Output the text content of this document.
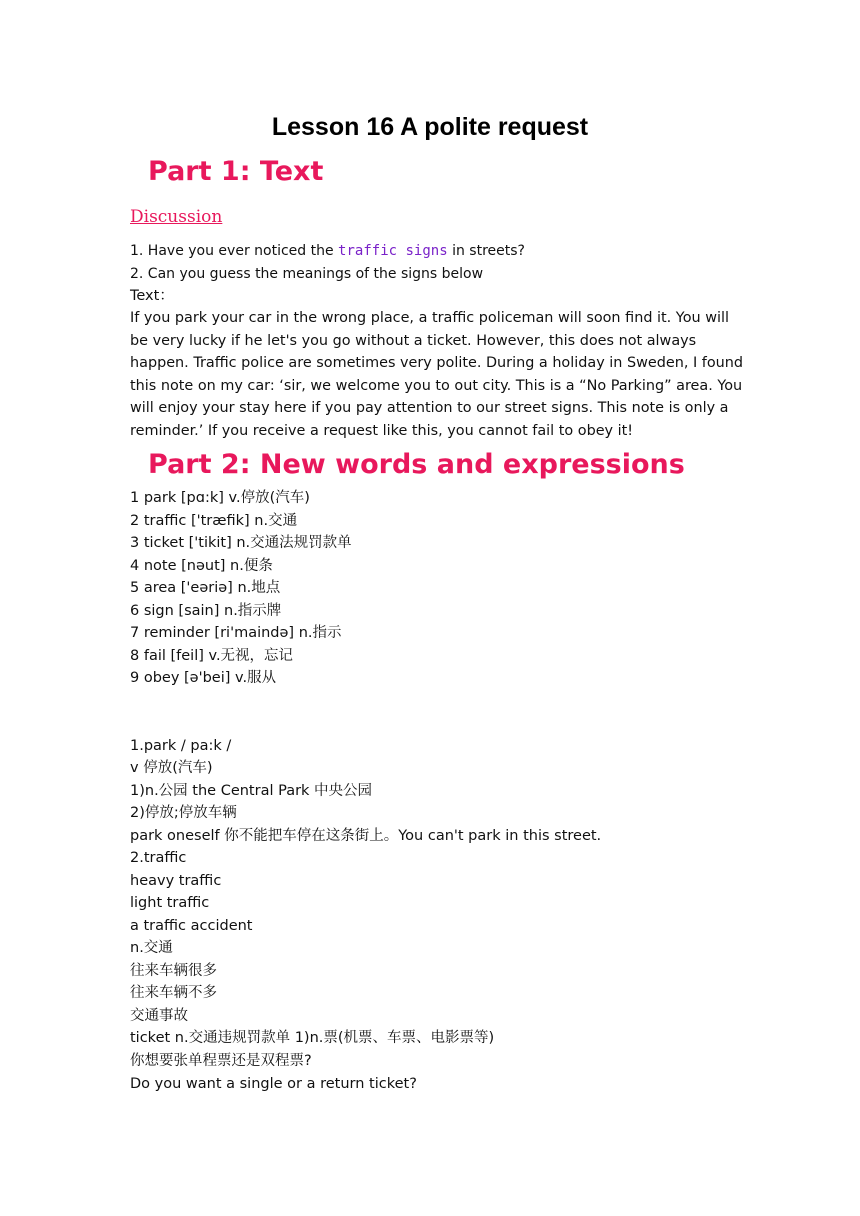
Lesson 16 A polite request
Part 1: Text
Discussion
1. Have you ever noticed the traffic signs in streets?
2. Can you guess the meanings of the signs below
Text：
If you park your car in the wrong place, a traffic policeman will soon find it. You will
be very lucky if he let's you go without a ticket. However, this does not always
happen. Traffic police are sometimes very polite. During a holiday in Sweden, I found
this note on my car: ‘sir, we welcome you to out city. This is a “No Parking” area. You
will enjoy your stay here if you pay attention to our street signs. This note is only a
reminder.’ If you receive a request like this, you cannot fail to obey it!
Part 2: New words and expressions
1 park [pɑ:k] v.停放(汽车)
2 traffic ['træfik] n.交通
3 ticket ['tikit] n.交通法规罚款单
4 note [nəut] n.便条
5 area ['eəriə] n.地点
6 sign [sain] n.指示牌
7 reminder [ri'maində] n.指示
8 fail [feil] v.无视，忘记
9 obey [ə'bei] v.服从
1.park / pa:k /
v 停放(汽车)
1)n.公园 the Central Park 中央公园
2)停放;停放车辆
park oneself 你不能把车停在这条街上。You can't park in this street.
2.traffic
heavy traffic
light traffic
a traffic accident
n.交通
往来车辆很多
往来车辆不多
交通事故
ticket n.交通违规罚款单 1)n.票(机票、车票、电影票等)
你想要张单程票还是双程票?
Do you want a single or a return ticket?
